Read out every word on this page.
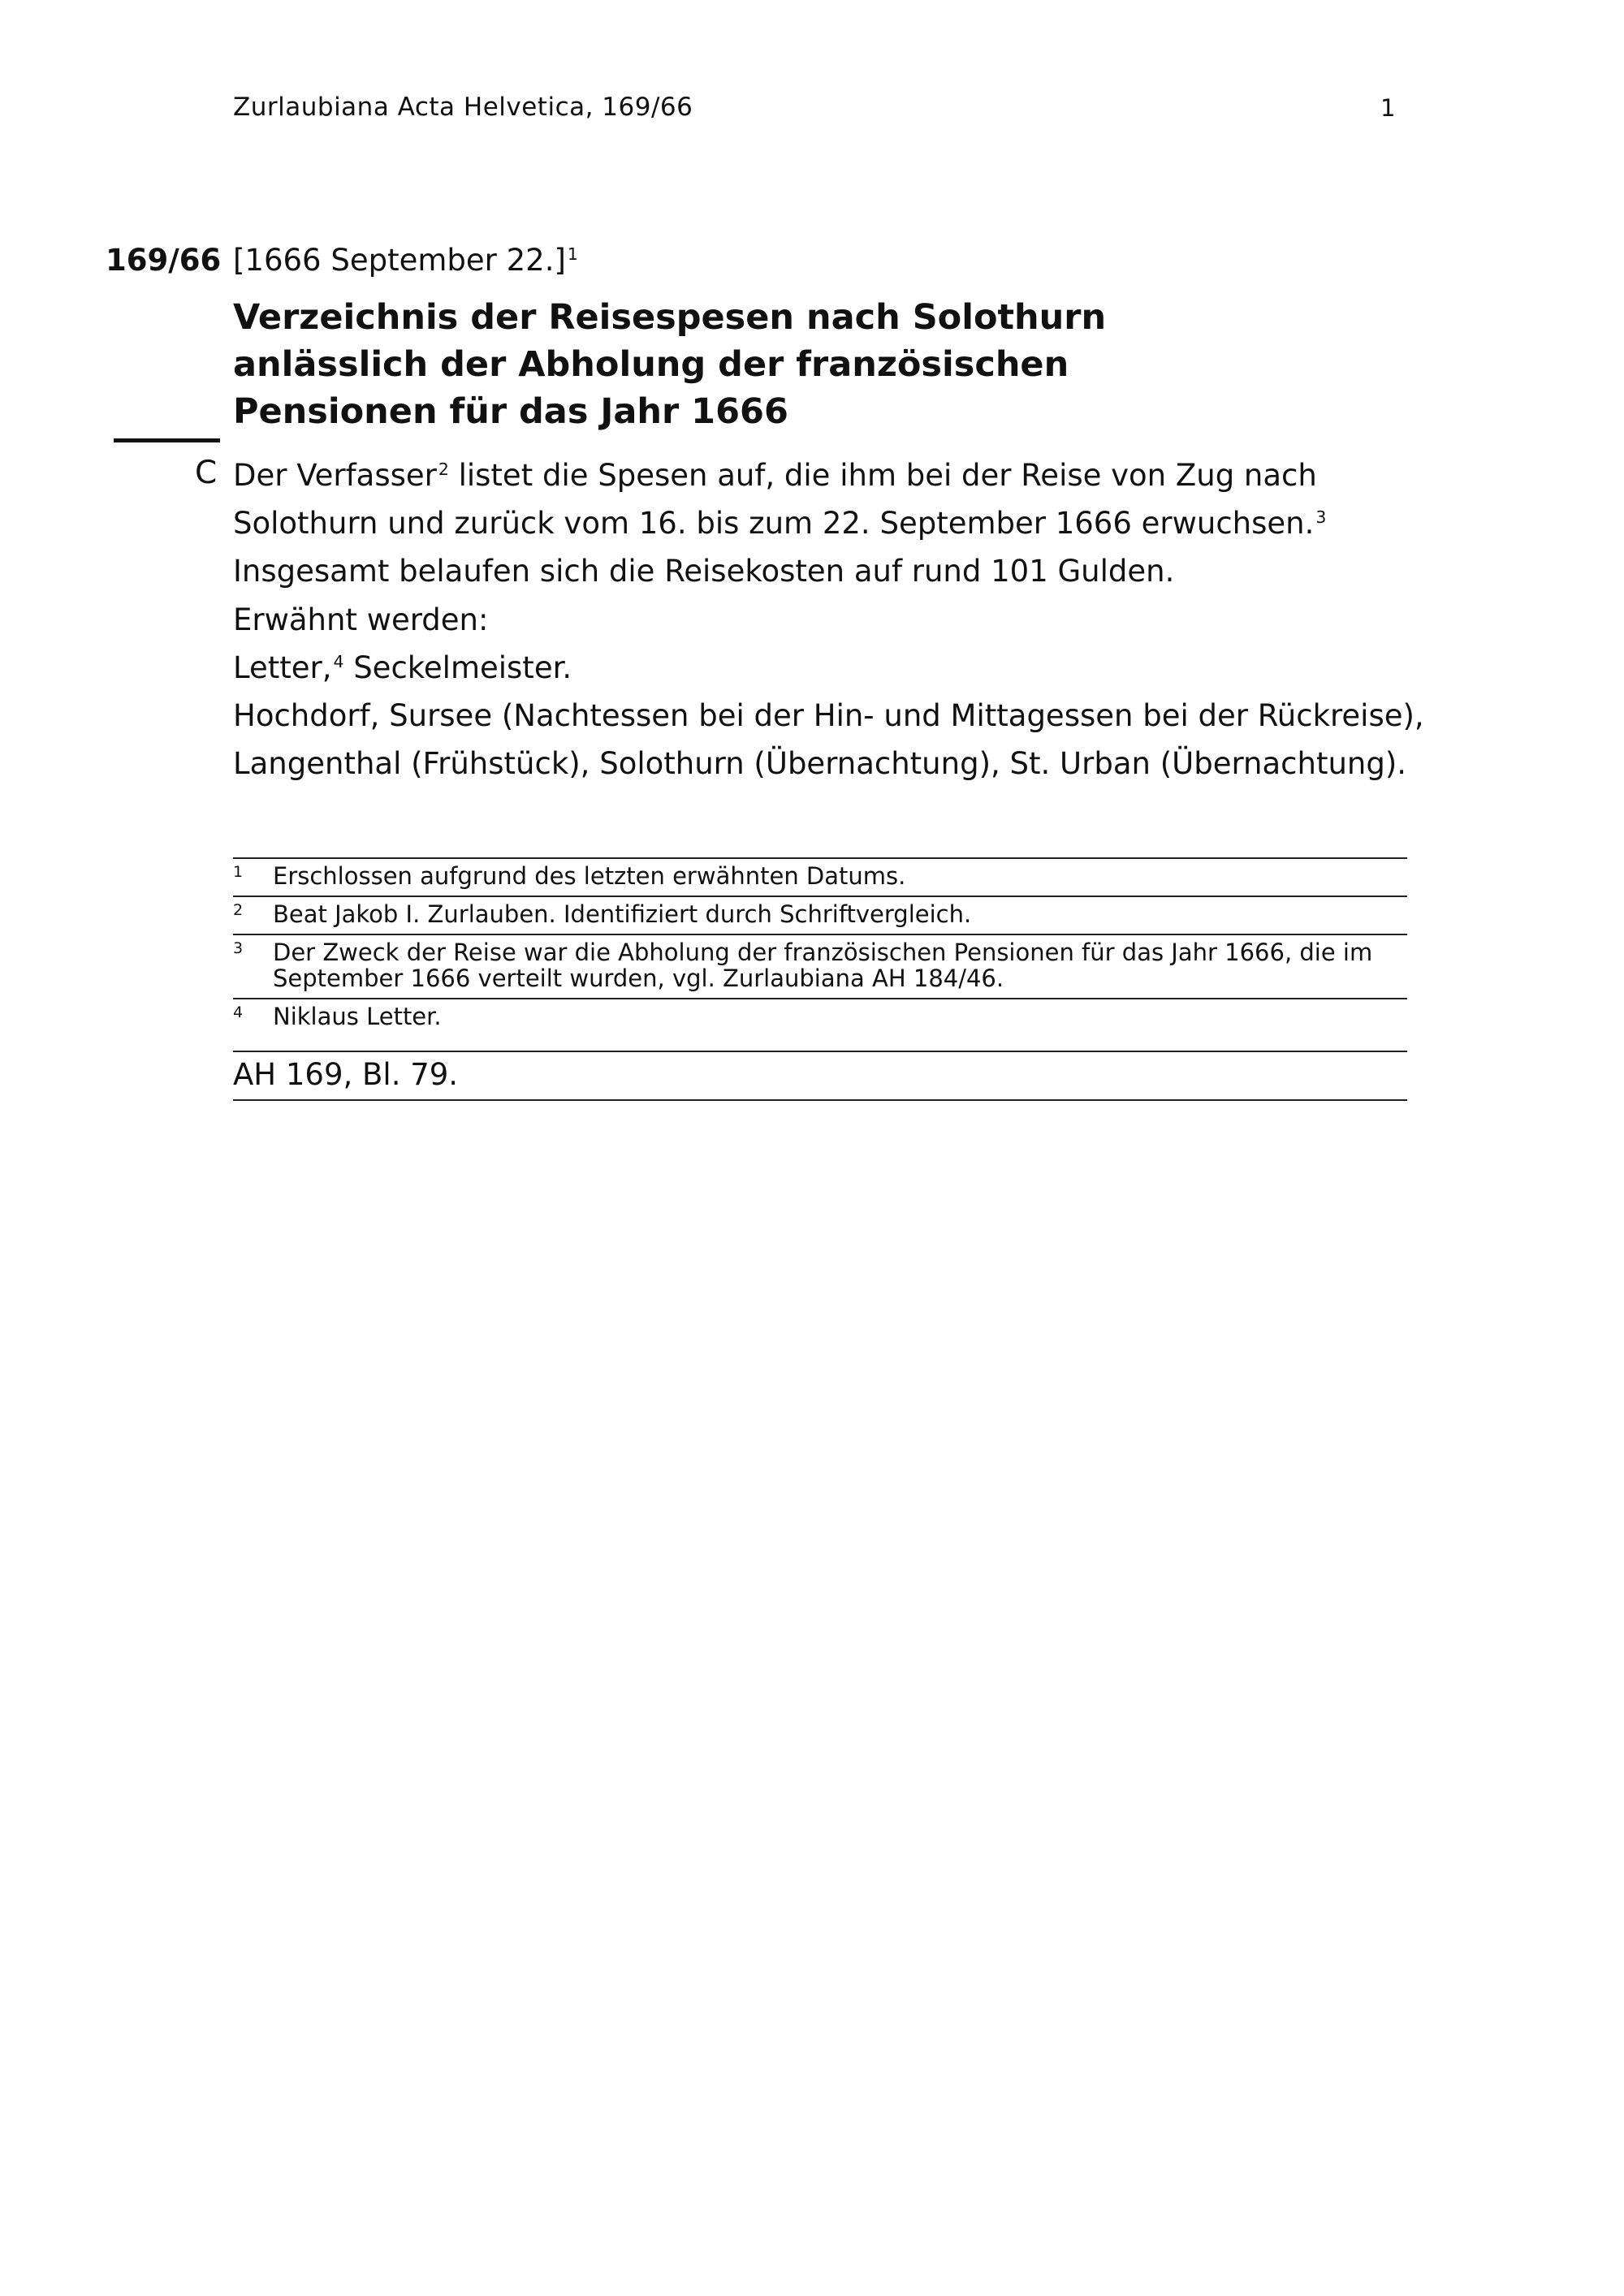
Zurlaubiana Acta Helvetica, 169/66	1
169/66 [1666 September 22.]$^1$
Verzeichnis der Reisespesen nach Solothurn anlässlich der Abholung der französischen Pensionen für das Jahr 1666
C Der Verfasser$^2$ listet die Spesen auf, die ihm bei der Reise von Zug nach Solothurn und zurück vom 16. bis zum 22. September 1666 erwuchsen.$^3$ Insgesamt belaufen sich die Reisekosten auf rund 101 Gulden.

Erwähnt werden:
Letter,$^4$ Seckelmeister.
Hochdorf, Sursee (Nachtessen bei der Hin- und Mittagessen bei der Rückreise),
Langenthal (Frühstück), Solothurn (Übernachtung), St. Urban (Übernachtung).
1	Erschlossen aufgrund des letzten erwähnten Datums.
2	Beat Jakob I. Zurlauben. Identifiziert durch Schriftvergleich.
3	Der Zweck der Reise war die Abholung der französischen Pensionen für das Jahr 1666, die im September 1666 verteilt wurden, vgl. Zurlaubiana AH 184/46.
4	Niklaus Letter.
AH 169, Bl. 79.
